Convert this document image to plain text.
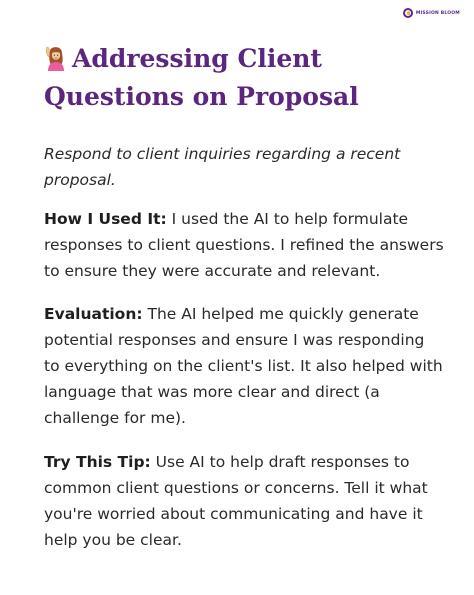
MISSION BLOOM
Addressing Client Questions on Proposal

Respond to client inquiries regarding a recent proposal.

How I Used It: I used the AI to help formulate responses to client questions. I refined the answers to ensure they were accurate and relevant.

Evaluation: The AI helped me quickly generate potential responses and ensure I was responding to everything on the client's list. It also helped with language that was more clear and direct (a challenge for me).

Try This Tip: Use AI to help draft responses to common client questions or concerns. Tell it what you're worried about communicating and have it help you be clear.
